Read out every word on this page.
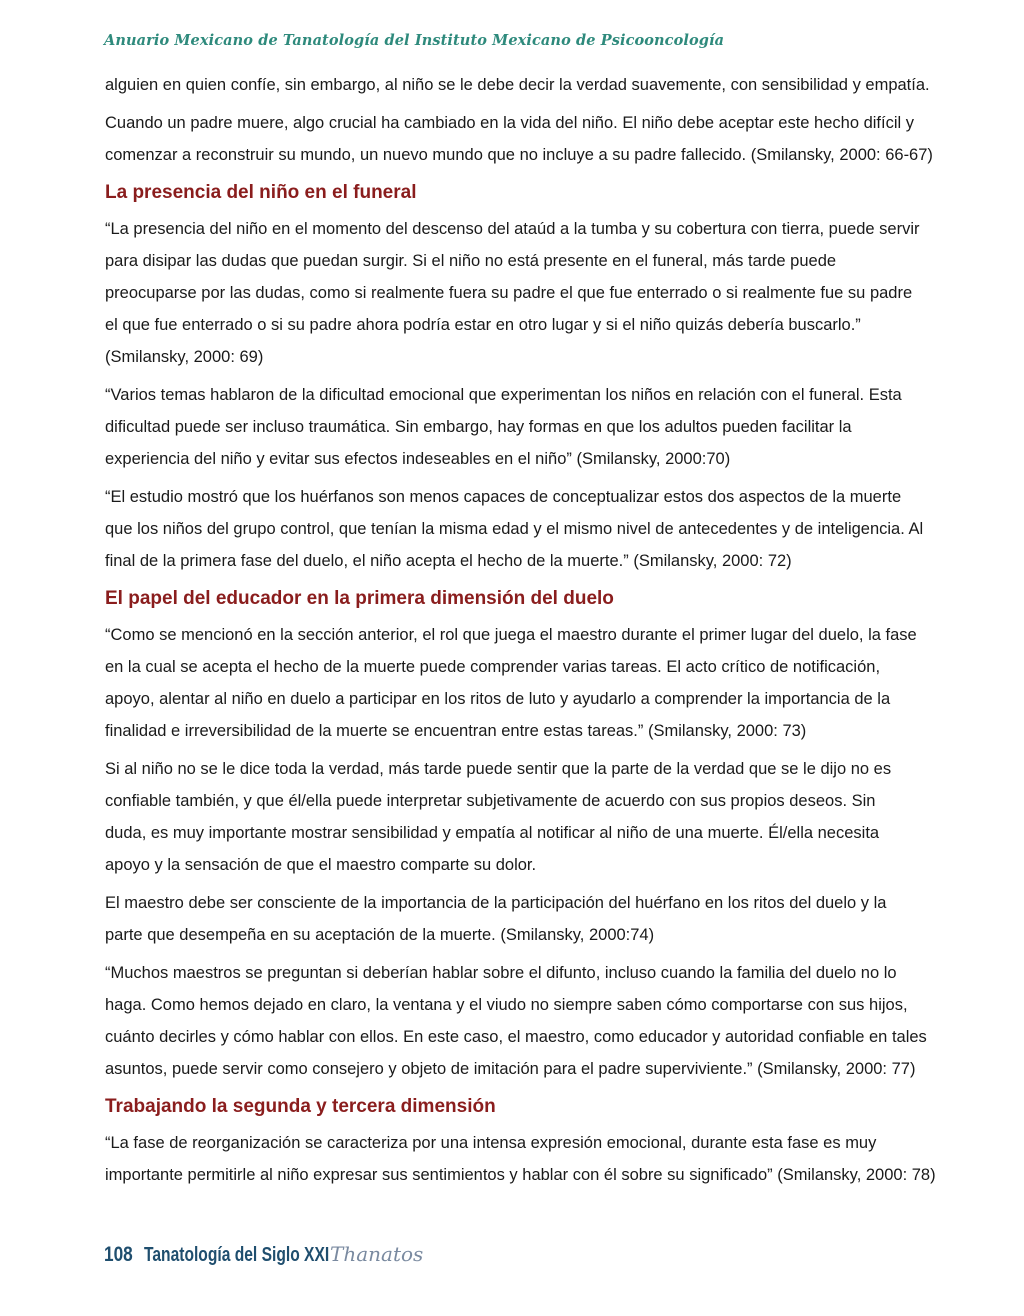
Anuario Mexicano de Tanatología del Instituto Mexicano de Psicooncología
alguien en quien confíe, sin embargo, al niño se le debe decir la verdad suavemente, con sensibilidad y empatía.
Cuando un padre muere, algo crucial ha cambiado en la vida del niño. El niño debe aceptar este hecho difícil y
comenzar a reconstruir su mundo, un nuevo mundo que no incluye a su padre fallecido. (Smilansky, 2000: 66-67)
La presencia del niño en el funeral
“La presencia del niño en el momento del descenso del ataúd a la tumba y su cobertura con tierra, puede servir
para disipar las dudas que puedan surgir. Si el niño no está presente en el funeral, más tarde puede
preocuparse por las dudas, como si realmente fuera su padre el que fue enterrado o si realmente fue su padre
el que fue enterrado o si su padre ahora podría estar en otro lugar y si el niño quizás debería buscarlo.”
(Smilansky, 2000: 69)
“Varios temas hablaron de la dificultad emocional que experimentan los niños en relación con el funeral. Esta
dificultad puede ser incluso traumática. Sin embargo, hay formas en que los adultos pueden facilitar la
experiencia del niño y evitar sus efectos indeseables en el niño” (Smilansky, 2000:70)
“El estudio mostró que los huérfanos son menos capaces de conceptualizar estos dos aspectos de la muerte
que los niños del grupo control, que tenían la misma edad y el mismo nivel de antecedentes y de inteligencia. Al
final de la primera fase del duelo, el niño acepta el hecho de la muerte.” (Smilansky, 2000: 72)
El papel del educador en la primera dimensión del duelo
“Como se mencionó en la sección anterior, el rol que juega el maestro durante el primer lugar del duelo, la fase
en la cual se acepta el hecho de la muerte puede comprender varias tareas. El acto crítico de notificación,
apoyo, alentar al niño en duelo a participar en los ritos de luto y ayudarlo a comprender la importancia de la
finalidad e irreversibilidad de la muerte se encuentran entre estas tareas.” (Smilansky, 2000: 73)
Si al niño no se le dice toda la verdad, más tarde puede sentir que la parte de la verdad que se le dijo no es
confiable también, y que él/ella puede interpretar subjetivamente de acuerdo con sus propios deseos. Sin
duda, es muy importante mostrar sensibilidad y empatía al notificar al niño de una muerte. Él/ella necesita
apoyo y la sensación de que el maestro comparte su dolor.
El maestro debe ser consciente de la importancia de la participación del huérfano en los ritos del duelo y la
parte que desempeña en su aceptación de la muerte. (Smilansky, 2000:74)
“Muchos maestros se preguntan si deberían hablar sobre el difunto, incluso cuando la familia del duelo no lo
haga. Como hemos dejado en claro, la ventana y el viudo no siempre saben cómo comportarse con sus hijos,
cuánto decirles y cómo hablar con ellos. En este caso, el maestro, como educador y autoridad confiable en tales
asuntos, puede servir como consejero y objeto de imitación para el padre superviviente.” (Smilansky, 2000: 77)
Trabajando la segunda y tercera dimensión
“La fase de reorganización se caracteriza por una intensa expresión emocional, durante esta fase es muy
importante permitirle al niño expresar sus sentimientos y hablar con él sobre su significado” (Smilansky, 2000: 78)
108 Tanatología del Siglo XXI Thanatos
